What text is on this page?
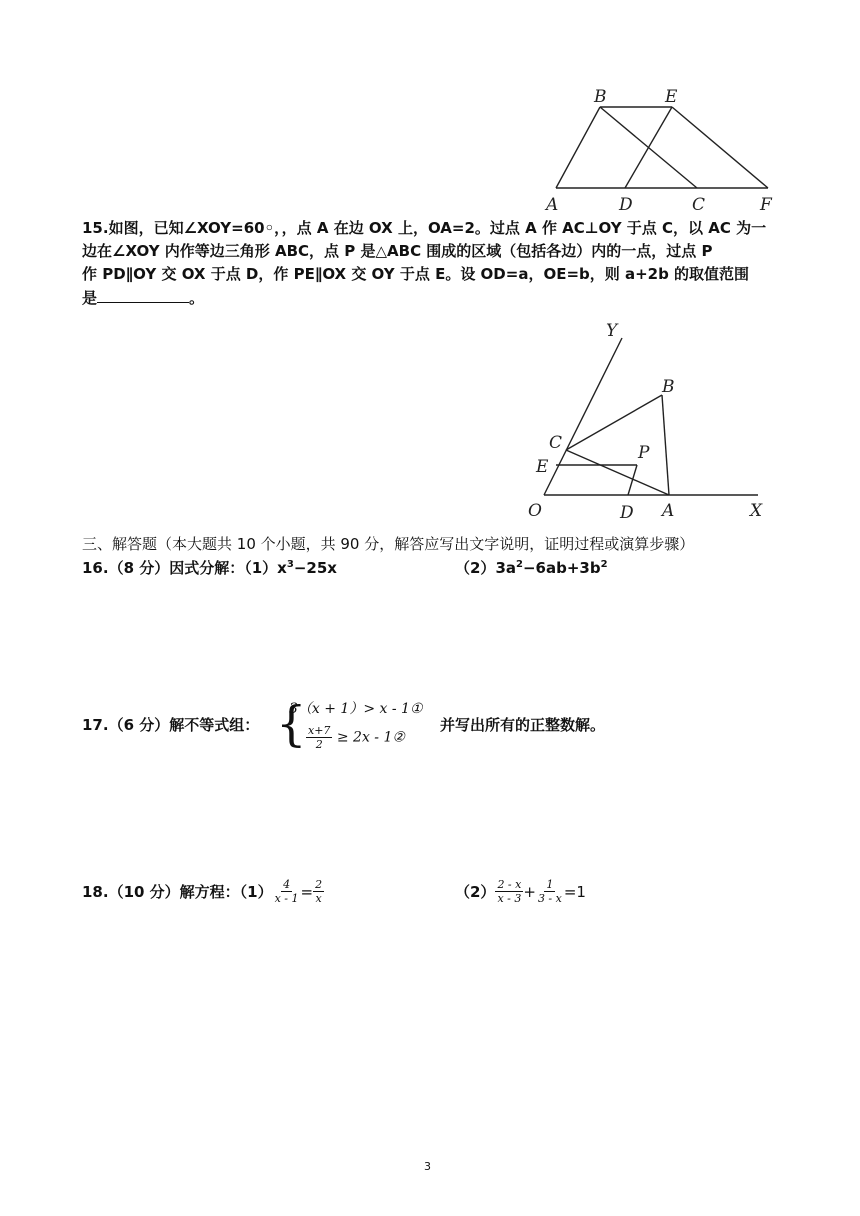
B	E
A	D	C	F
15.如图，已知∠XOY=60◦，，点 A 在边 OX 上，OA=2。过点 A 作 AC⊥OY 于点 C，以 AC 为一
边在∠XOY 内作等边三角形 ABC，点 P 是△ABC 围成的区域（包括各边）内的一点，过点 P
作 PD∥OY 交 OX 于点 D，作 PE∥OX 交 OY 于点 E。设 OD=a，OE=b，则 a+2b 的取值范围
是	。
Y
B
C	P
E
O	D A	X
三、解答题（本大题共 10 个小题，共 90 分，解答应写出文字说明，证明过程或演算步骤）
16.（8 分）因式分解：$(1)x^3-25x$	$(2)3a^2-6ab+3b^2$
17.（6 分）解不等式组： {
3（x + 1）> x - 1①
$\frac{x+7}{2} \ge 2x$ - 1②
并写出所有的正整数解。
18.（10 分）解方程：$(1) \frac{4}{x - 1} = \frac{2}{x}$	$(2) \frac{2 - x}{x - 3} + \frac{1}{3 - x} =1$
3
